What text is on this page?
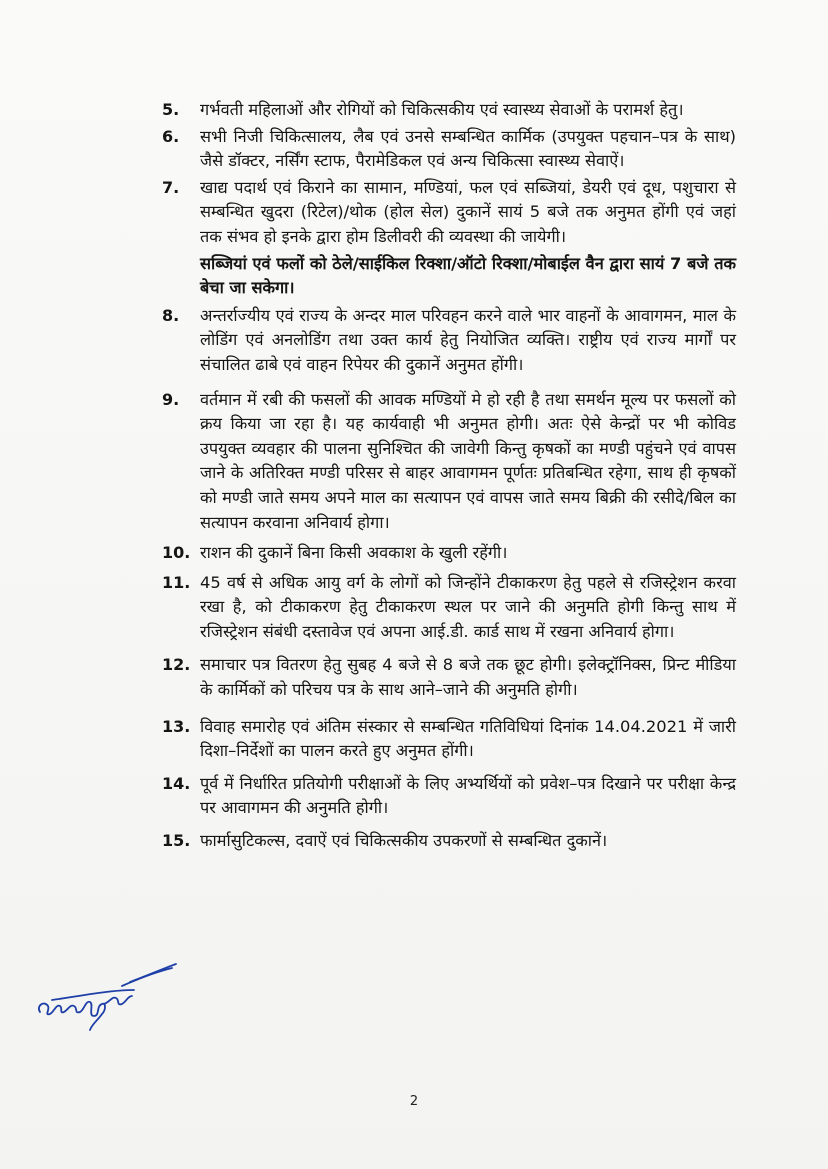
5.	गर्भवती महिलाओं और रोगियों को चिकित्सकीय एवं स्वास्थ्य सेवाओं के परामर्श हेतु।
6.	सभी निजी चिकित्सालय, लैब एवं उनसे सम्बन्धित कार्मिक (उपयुक्त पहचान–पत्र के साथ) जैसे डॉक्टर, नर्सिंग स्टाफ, पैरामेडिकल एवं अन्य चिकित्सा स्वास्थ्य सेवाऐं।
7.	खाद्य पदार्थ एवं किराने का सामान, मण्डियां, फल एवं सब्जियां, डेयरी एवं दूध, पशुचारा से सम्बन्धित खुदरा (रिटेल)/थोक (होल सेल) दुकानें सायं 5 बजे तक अनुमत होंगी एवं जहां तक संभव हो इनके द्वारा होम डिलीवरी की व्यवस्था की जायेगी।
सब्जियां एवं फलों को ठेले/साईकिल रिक्शा/ऑटो रिक्शा/मोबाईल वैन द्वारा सायं 7 बजे तक बेचा जा सकेगा।
8.	अन्तर्राज्यीय एवं राज्य के अन्दर माल परिवहन करने वाले भार वाहनों के आवागमन, माल के लोडिंग एवं अनलोडिंग तथा उक्त कार्य हेतु नियोजित व्यक्ति। राष्ट्रीय एवं राज्य मार्गों पर संचालित ढाबे एवं वाहन रिपेयर की दुकानें अनुमत होंगी।
9.	वर्तमान में रबी की फसलों की आवक मण्डियों मे हो रही है तथा समर्थन मूल्य पर फसलों को क्रय किया जा रहा है। यह कार्यवाही भी अनुमत होगी। अतः ऐसे केन्द्रों पर भी कोविड उपयुक्त व्यवहार की पालना सुनिश्चित की जावेगी किन्तु कृषकों का मण्डी पहुंचने एवं वापस जाने के अतिरिक्त मण्डी परिसर से बाहर आवागमन पूर्णतः प्रतिबन्धित रहेगा, साथ ही कृषकों को मण्डी जाते समय अपने माल का सत्यापन एवं वापस जाते समय बिक्री की रसीदे/बिल का सत्यापन करवाना अनिवार्य होगा।
10. राशन की दुकानें बिना किसी अवकाश के खुली रहेंगी।
11. 45 वर्ष से अधिक आयु वर्ग के लोगों को जिन्होंने टीकाकरण हेतु पहले से रजिस्ट्रेशन करवा रखा है, को टीकाकरण हेतु टीकाकरण स्थल पर जाने की अनुमति होगी किन्तु साथ में रजिस्ट्रेशन संबंधी दस्तावेज एवं अपना आई.डी. कार्ड साथ में रखना अनिवार्य होगा।
12. समाचार पत्र वितरण हेतु सुबह 4 बजे से 8 बजे तक छूट होगी। इलेक्ट्रॉनिक्स, प्रिन्ट मीडिया के कार्मिकों को परिचय पत्र के साथ आने–जाने की अनुमति होगी।
13. विवाह समारोह एवं अंतिम संस्कार से सम्बन्धित गतिविधियां दिनांक 14.04.2021 में जारी दिशा–निर्देशों का पालन करते हुए अनुमत होंगी।
14. पूर्व में निर्धारित प्रतियोगी परीक्षाओं के लिए अभ्यर्थियों को प्रवेश–पत्र दिखाने पर परीक्षा केन्द्र पर आवागमन की अनुमति होगी।
15. फार्मासुटिकल्स, दवाऐं एवं चिकित्सकीय उपकरणों से सम्बन्धित दुकानें।
2
